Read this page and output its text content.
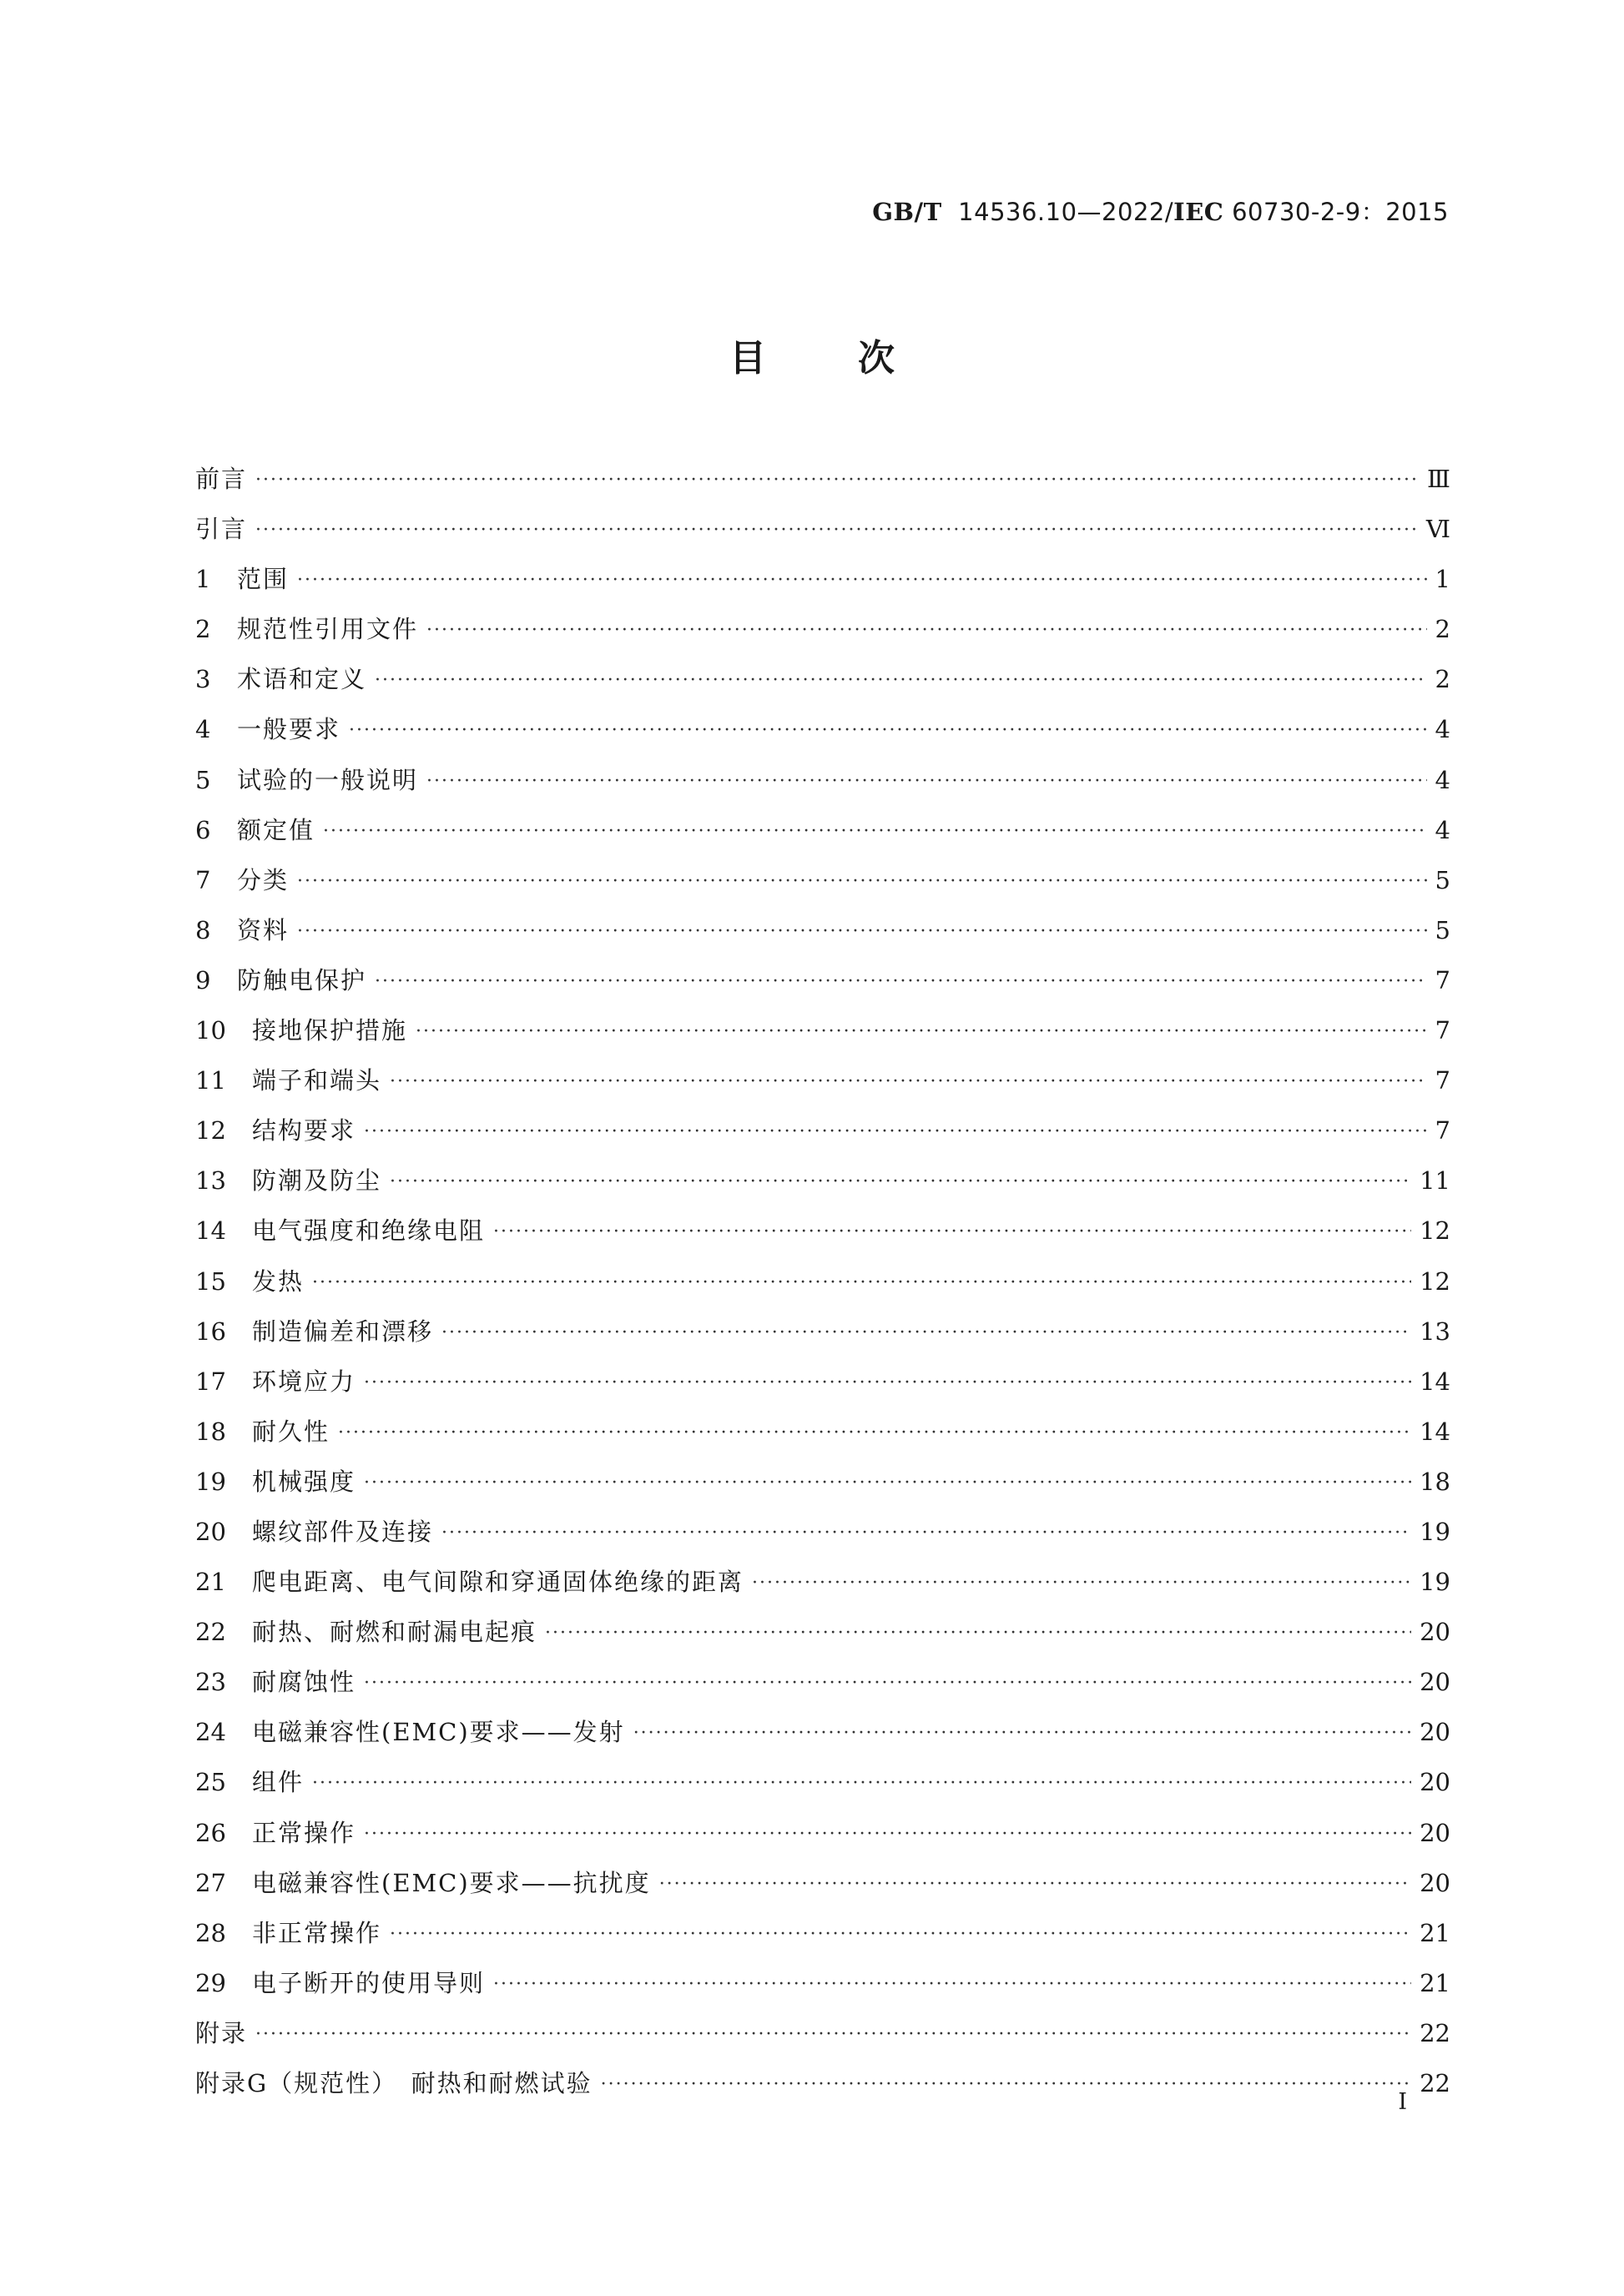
GB/T 14536.10—2022/IEC 60730-2-9：2015
目次
前言 ·····	Ⅲ
引言 ·····	Ⅵ
1	范围 ·····	1
2	规范性引用文件 ·····	2
3	术语和定义 ·····	2
4	一般要求 ·····	4
5	试验的一般说明 ·····	4
6	额定值 ·····	4
7	分类 ·····	5
8	资料 ·····	5
9	防触电保护 ·····	7
10	接地保护措施 ·····	7
11	端子和端头 ·····	7
12	结构要求 ·····	7
13	防潮及防尘 ·····	11
14	电气强度和绝缘电阻 ·····	12
15	发热 ·····	12
16	制造偏差和漂移 ·····	13
17	环境应力 ·····	14
18	耐久性 ·····	14
19	机械强度 ·····	18
20	螺纹部件及连接 ·····	19
21	爬电距离、电气间隙和穿通固体绝缘的距离 ·····	19
22	耐热、耐燃和耐漏电起痕 ·····	20
23	耐腐蚀性 ·····	20
24	电磁兼容性(EMC)要求——发射 ·····	20
25	组件 ·····	20
26	正常操作 ·····	20
27	电磁兼容性(EMC)要求——抗扰度 ·····	20
28	非正常操作 ·····	21
29	电子断开的使用导则 ·····	21
附录 ·····	22
附录G（规范性）　耐热和耐燃试验 ·····	22
I
